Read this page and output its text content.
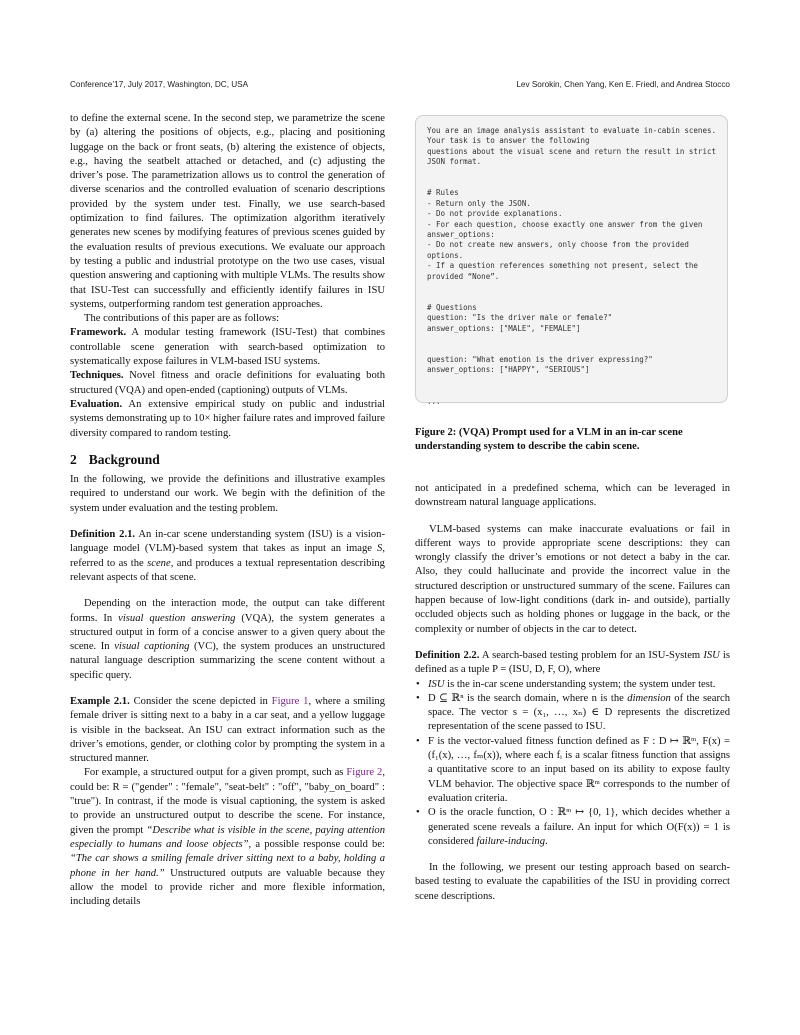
Conference’17, July 2017, Washington, DC, USA	Lev Sorokin, Chen Yang, Ken E. Friedl, and Andrea Stocco

to define the external scene. In the second step, we parametrize the scene by (a) altering the positions of objects, e.g., placing and positioning luggage on the back or front seats, (b) altering the existence of objects, e.g., having the seatbelt attached or detached, and (c) adjusting the driver’s pose. The parametrization allows us to control the generation of diverse scenarios and the controlled evaluation of scenario descriptions provided by the system under test. Finally, we use search-based optimization to find failures. The optimization algorithm iteratively generates new scenes by modifying features of previous scenes guided by the evaluation results of previous executions. We evaluate our approach by testing a public and industrial prototype on the two use cases, visual question answering and captioning with multiple VLMs. The results show that ISU-Test can successfully and efficiently identify failures in ISU systems, outperforming random test generation approaches.

The contributions of this paper are as follows:

Framework. A modular testing framework (ISU-Test) that combines controllable scene generation with search-based optimization to systematically expose failures in VLM-based ISU systems.

Techniques. Novel fitness and oracle definitions for evaluating both structured (VQA) and open-ended (captioning) outputs of VLMs.

Evaluation. An extensive empirical study on public and industrial systems demonstrating up to 10× higher failure rates and improved failure diversity compared to random testing.

2 Background

In the following, we provide the definitions and illustrative examples required to understand our work. We begin with the definition of the system under evaluation and the testing problem.

Definition 2.1. An in-car scene understanding system (ISU) is a vision-language model (VLM)-based system that takes as input an image S, referred to as the scene, and produces a textual representation describing relevant aspects of that scene.

Depending on the interaction mode, the output can take different forms. In visual question answering (VQA), the system generates a structured output in form of a concise answer to a given query about the scene. In visual captioning (VC), the system produces an unstructured natural language description summarizing the scene content without a specific query.

Example 2.1. Consider the scene depicted in Figure 1, where a smiling female driver is sitting next to a baby in a car seat, and a yellow luggage is visible in the backseat. An ISU can extract information such as the driver’s emotions, gender, or clothing color by prompting the system in a structured manner.

For example, a structured output for a given prompt, such as Figure 2, could be: R = ("gender" : "female", "seat-belt" : "off", "baby_on_board" : "true"). In contrast, if the mode is visual captioning, the system is asked to provide an unstructured output to describe the scene. For instance, given the prompt “Describe what is visible in the scene, paying attention especially to humans and loose objects”, a possible response could be: “The car shows a smiling female driver sitting next to a baby, holding a phone in her hand.” Unstructured outputs are valuable because they allow the model to provide richer and more flexible information, including details

You are an image analysis assistant to evaluate in-cabin scenes.
Your task is to answer the following
questions about the visual scene and return the result in strict
JSON format.

# Rules
- Return only the JSON.
- Do not provide explanations.
- For each question, choose exactly one answer from the given
answer_options:
- Do not create new answers, only choose from the provided
options.
- If a question references something not present, select the
provided “None”.

# Questions
question: "Is the driver male or female?"
answer_options: ["MALE", "FEMALE"]

question: "What emotion is the driver expressing?"
answer_options: ["HAPPY", "SERIOUS"]

...
Figure 2: (VQA) Prompt used for a VLM in an in-car scene understanding system to describe the cabin scene.

not anticipated in a predefined schema, which can be leveraged in downstream natural language applications.

VLM-based systems can make inaccurate evaluations or fail in different ways to provide appropriate scene descriptions: they can wrongly classify the driver’s emotions or not detect a baby in the car. Also, they could hallucinate and provide the incorrect value in the structured description or unstructured summary of the scene. Failures can happen because of low-light conditions (dark in- and outside), partially occluded objects such as holding phones or luggage in the back, or the complexity or number of objects in the car to detect.

Definition 2.2. A search-based testing problem for an ISU-System ISU is defined as a tuple P = (ISU, D, F, O), where

• ISU is the in-car scene understanding system; the system under test.
• D ⊆ ℝⁿ is the search domain, where n is the dimension of the search space. The vector s = (x₁, …, xₙ) ∈ D represents the discretized representation of the scene passed to ISU.
• F is the vector-valued fitness function defined as F : D ↦ ℝᵐ, F(x) = (f₁(x), …, fₘ(x)), where each fᵢ is a scalar fitness function that assigns a quantitative score to an input based on its ability to expose faulty VLM behavior. The objective space ℝᵐ corresponds to the number of evaluation criteria.
• O is the oracle function, O : ℝᵐ ↦ {0, 1}, which decides whether a generated scene reveals a failure. An input for which O(F(x)) = 1 is considered failure-inducing.

In the following, we present our testing approach based on search-based testing to evaluate the capabilities of the ISU in providing correct scene descriptions.
